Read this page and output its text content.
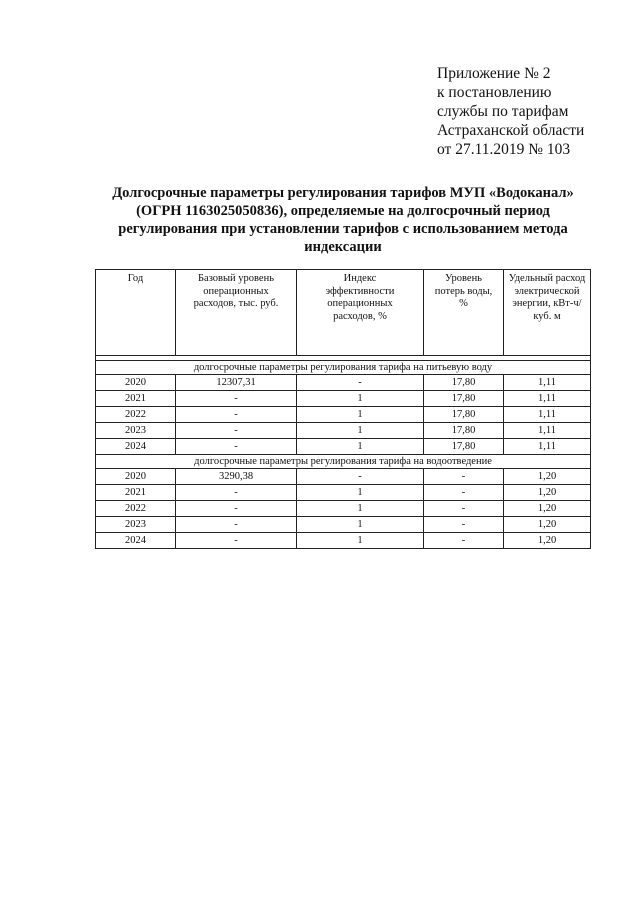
Приложение № 2
к постановлению
службы по тарифам
Астраханской области
от 27.11.2019 № 103
Долгосрочные параметры регулирования тарифов МУП «Водоканал»
(ОГРН 1163025050836), определяемые на долгосрочный период
регулирования при установлении тарифов с использованием метода
индексации
Год	Базовый уровень операционных расходов, тыс. руб.	Индекс эффективности операционных расходов, %	Уровень потерь воды, %	Удельный расход электрической энергии, кВт-ч/куб. м

долгосрочные параметры регулирования тарифа на питьевую воду				
2020	12307,31	-	17,80	1,11
2021	-	1	17,80	1,11
2022	-	1	17,80	1,11
2023	-	1	17,80	1,11
2024	-	1	17,80	1,11
долгосрочные параметры регулирования тарифа на водоотведение				
2020	3290,38	-	-	1,20
2021	-	1	-	1,20
2022	-	1	-	1,20
2023	-	1	-	1,20
2024	-	1	-	1,20
